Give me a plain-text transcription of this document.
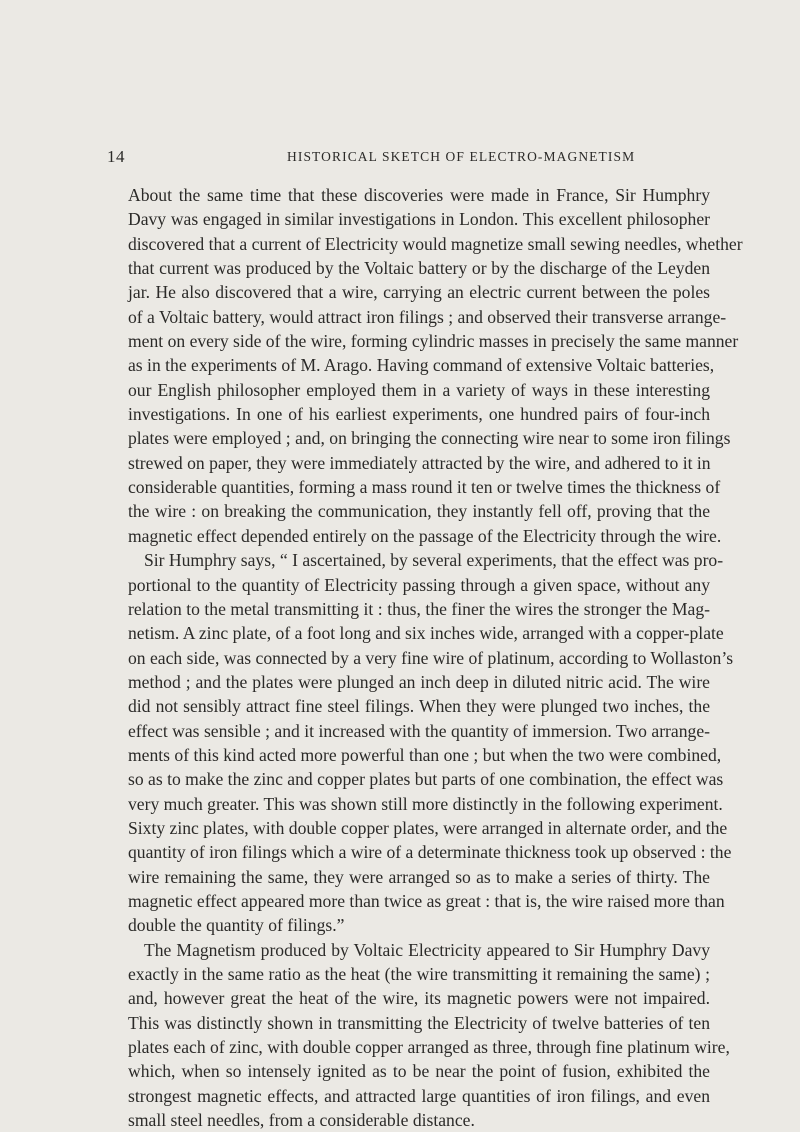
14	HISTORICAL SKETCH OF ELECTRO-MAGNETISM
About the same time that these discoveries were made in France, Sir Humphry
Davy was engaged in similar investigations in London. This excellent philosopher
discovered that a current of Electricity would magnetize small sewing needles, whether
that current was produced by the Voltaic battery or by the discharge of the Leyden
jar. He also discovered that a wire, carrying an electric current between the poles
of a Voltaic battery, would attract iron filings ; and observed their transverse arrange-
ment on every side of the wire, forming cylindric masses in precisely the same manner
as in the experiments of M. Arago. Having command of extensive Voltaic batteries,
our English philosopher employed them in a variety of ways in these interesting
investigations. In one of his earliest experiments, one hundred pairs of four-inch
plates were employed ; and, on bringing the connecting wire near to some iron filings
strewed on paper, they were immediately attracted by the wire, and adhered to it in
considerable quantities, forming a mass round it ten or twelve times the thickness of
the wire : on breaking the communication, they instantly fell off, proving that the
magnetic effect depended entirely on the passage of the Electricity through the wire.
Sir Humphry says, “ I ascertained, by several experiments, that the effect was pro-
portional to the quantity of Electricity passing through a given space, without any
relation to the metal transmitting it : thus, the finer the wires the stronger the Mag-
netism. A zinc plate, of a foot long and six inches wide, arranged with a copper-plate
on each side, was connected by a very fine wire of platinum, according to Wollaston’s
method ; and the plates were plunged an inch deep in diluted nitric acid. The wire
did not sensibly attract fine steel filings. When they were plunged two inches, the
effect was sensible ; and it increased with the quantity of immersion. Two arrange-
ments of this kind acted more powerful than one ; but when the two were combined,
so as to make the zinc and copper plates but parts of one combination, the effect was
very much greater. This was shown still more distinctly in the following experiment.
Sixty zinc plates, with double copper plates, were arranged in alternate order, and the
quantity of iron filings which a wire of a determinate thickness took up observed : the
wire remaining the same, they were arranged so as to make a series of thirty. The
magnetic effect appeared more than twice as great : that is, the wire raised more than
double the quantity of filings.”
The Magnetism produced by Voltaic Electricity appeared to Sir Humphry Davy
exactly in the same ratio as the heat (the wire transmitting it remaining the same) ;
and, however great the heat of the wire, its magnetic powers were not impaired.
This was distinctly shown in transmitting the Electricity of twelve batteries of ten
plates each of zinc, with double copper arranged as three, through fine platinum wire,
which, when so intensely ignited as to be near the point of fusion, exhibited the
strongest magnetic effects, and attracted large quantities of iron filings, and even
small steel needles, from a considerable distance.
